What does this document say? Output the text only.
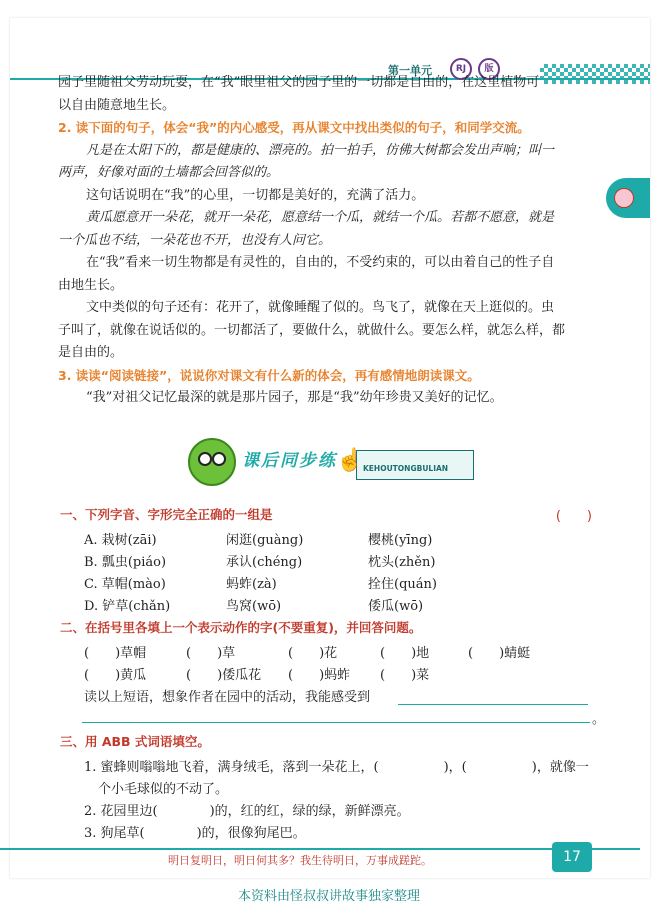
第一单元	RJ	版

园子里随祖父劳动玩耍，在“我”眼里祖父的园子里的一切都是自由的，在这里植物可

以自由随意地生长。

2. 读下面的句子，体会“我”的内心感受，再从课文中找出类似的句子，和同学交流。

凡是在太阳下的，都是健康的、漂亮的。拍一拍手，仿佛大树都会发出声响；叫一

两声，好像对面的土墙都会回答似的。

这句话说明在“我”的心里，一切都是美好的，充满了活力。

黄瓜愿意开一朵花，就开一朵花，愿意结一个瓜，就结一个瓜。若都不愿意，就是

一个瓜也不结，一朵花也不开，也没有人问它。

在“我”看来一切生物都是有灵性的，自由的，不受约束的，可以由着自己的性子自

由地生长。

文中类似的句子还有：花开了，就像睡醒了似的。鸟飞了，就像在天上逛似的。虫

子叫了，就像在说话似的。一切都活了，要做什么，就做什么。要怎么样，就怎么样，都

是自由的。

3. 读读“阅读链接”，说说你对课文有什么新的体会，再有感情地朗读课文。

“我”对祖父记忆最深的就是那片园子，那是“我”幼年珍贵又美好的记忆。

课后同步练	KEHOUTONGBULIAN
☝
一、下列字音、字形完全正确的一组是	(　　)
A. 栽树(zāi)	闲逛(guàng)	樱桃(yīng)
B. 瓢虫(piáo)	承认(chéng)	枕头(zhěn)
C. 草帽(mào)	蚂蚱(zà)	拴住(quán)
D. 铲草(chǎn)	鸟窝(wō)	倭瓜(wō)
二、在括号里各填上一个表示动作的字(不要重复)，并回答问题。
(　　)草帽	(　　)草	(　　)花	(　　)地	(　　)蜻蜓
(　　)黄瓜	(　　)倭瓜花 (　　)蚂蚱 (　　)菜
读以上短语，想象作者在园中的活动，我能感受到
。
三、用 ABB 式词语填空。
1. 蜜蜂则嗡嗡地飞着，满身绒毛，落到一朵花上，(　　　　　)，(　　　　　)，就像一
个小毛球似的不动了。
2. 花园里边(　　　　)的，红的红，绿的绿，新鲜漂亮。
3. 狗尾草(　　　　)的，很像狗尾巴。
明日复明日，明日何其多？我生待明日，万事成蹉跎。	17
本资料由怪叔叔讲故事独家整理
